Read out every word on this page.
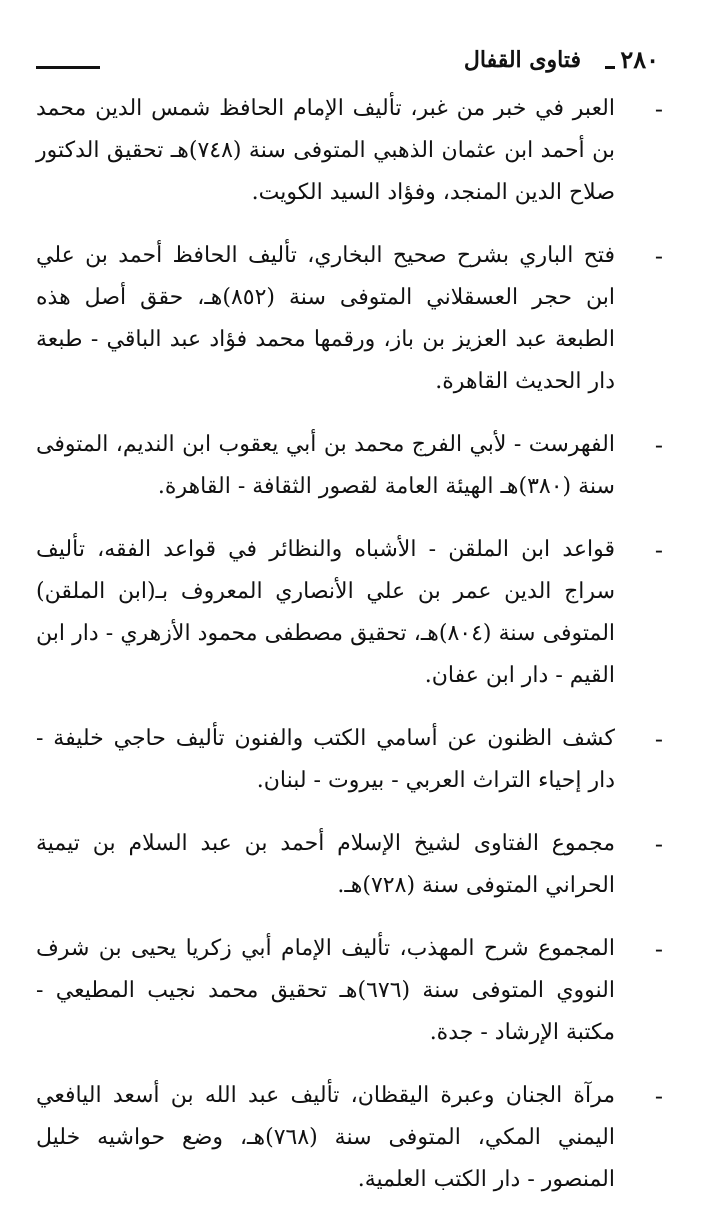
٢٨٠
فتاوى القفال
-
العبر في خبر من غبر، تأليف الإمام الحافظ شمس الدين محمد بن أحمد ابن عثمان الذهبي المتوفى سنة (٧٤٨)هـ تحقيق الدكتور صلاح الدين المنجد، وفؤاد السيد الكويت.
-
فتح الباري بشرح صحيح البخاري، تأليف الحافظ أحمد بن علي ابن حجر العسقلاني المتوفى سنة (٨٥٢)هـ، حقق أصل هذه الطبعة عبد العزيز بن باز، ورقمها محمد فؤاد عبد الباقي - طبعة دار الحديث القاهرة.
-
الفهرست - لأبي الفرج محمد بن أبي يعقوب ابن النديم، المتوفى سنة (٣٨٠)هـ الهيئة العامة لقصور الثقافة - القاهرة.
-
قواعد ابن الملقن - الأشباه والنظائر في قواعد الفقه، تأليف سراج الدين عمر بن علي الأنصاري المعروف بـ(ابن الملقن) المتوفى سنة (٨٠٤)هـ، تحقيق مصطفى محمود الأزهري - دار ابن القيم - دار ابن عفان.
-
كشف الظنون عن أسامي الكتب والفنون تأليف حاجي خليفة - دار إحياء التراث العربي - بيروت - لبنان.
-
مجموع الفتاوى لشيخ الإسلام أحمد بن عبد السلام بن تيمية الحراني المتوفى سنة (٧٢٨)هـ.
-
المجموع شرح المهذب، تأليف الإمام أبي زكريا يحيى بن شرف النووي المتوفى سنة (٦٧٦)هـ تحقيق محمد نجيب المطيعي - مكتبة الإرشاد - جدة.
-
مرآة الجنان وعبرة اليقظان، تأليف عبد الله بن أسعد اليافعي اليمني المكي، المتوفى سنة (٧٦٨)هـ، وضع حواشيه خليل المنصور - دار الكتب العلمية.
